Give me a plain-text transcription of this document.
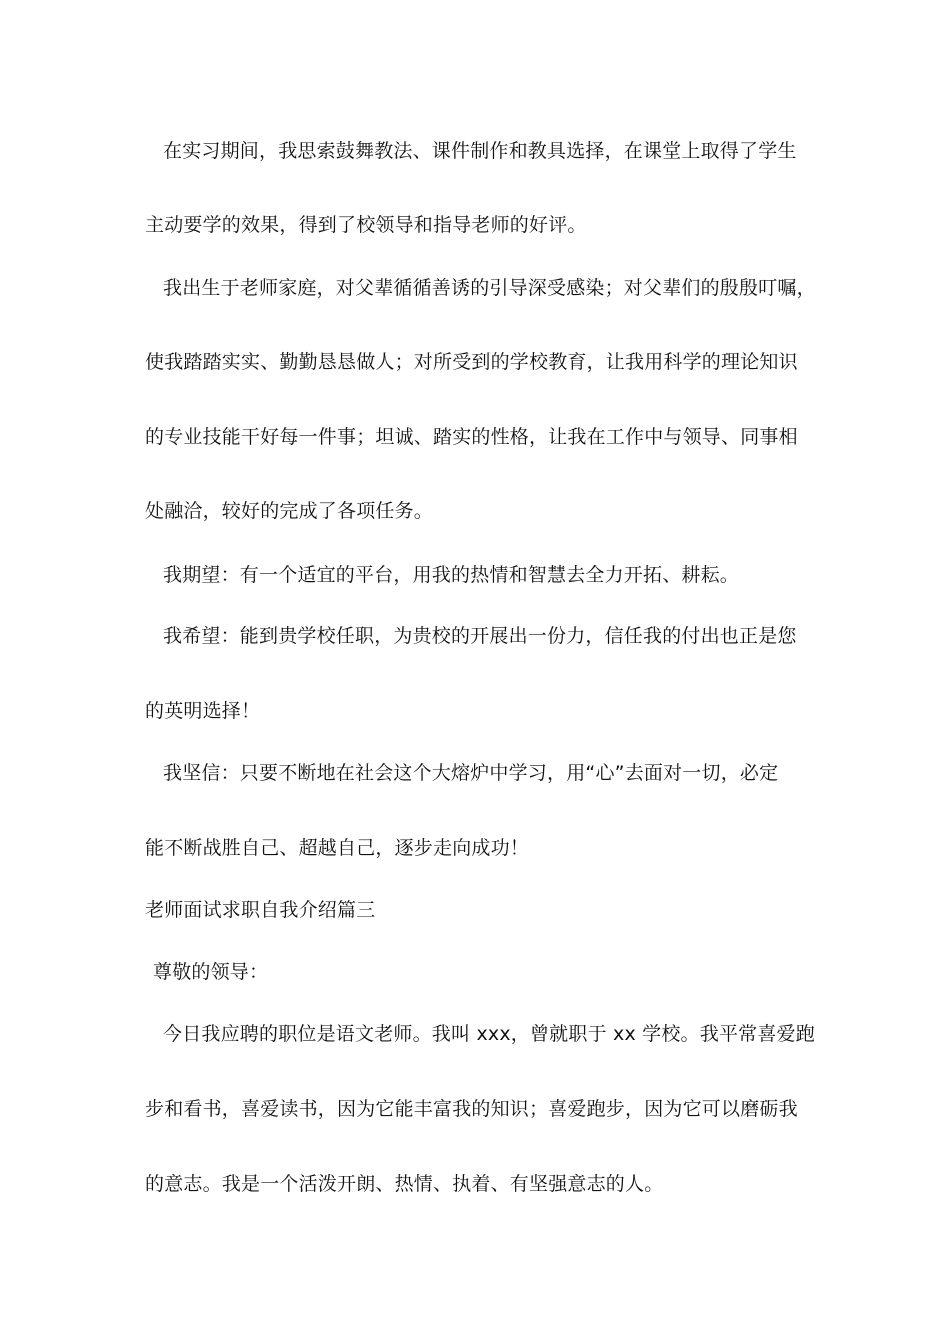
在实习期间，我思索鼓舞教法、课件制作和教具选择，在课堂上取得了学生
主动要学的效果，得到了校领导和指导老师的好评。
我出生于老师家庭，对父辈循循善诱的引导深受感染；对父辈们的殷殷叮嘱，
使我踏踏实实、勤勤恳恳做人；对所受到的学校教育，让我用科学的理论知识
的专业技能干好每一件事；坦诚、踏实的性格，让我在工作中与领导、同事相
处融洽，较好的完成了各项任务。
我期望：有一个适宜的平台，用我的热情和智慧去全力开拓、耕耘。
我希望：能到贵学校任职，为贵校的开展出一份力，信任我的付出也正是您
的英明选择！
我坚信：只要不断地在社会这个大熔炉中学习，用“心”去面对一切，必定
能不断战胜自己、超越自己，逐步走向成功！
老师面试求职自我介绍篇三
尊敬的领导：
今日我应聘的职位是语文老师。我叫 xxx，曾就职于 xx 学校。我平常喜爱跑
步和看书，喜爱读书，因为它能丰富我的知识；喜爱跑步，因为它可以磨砺我
的意志。我是一个活泼开朗、热情、执着、有坚强意志的人。
